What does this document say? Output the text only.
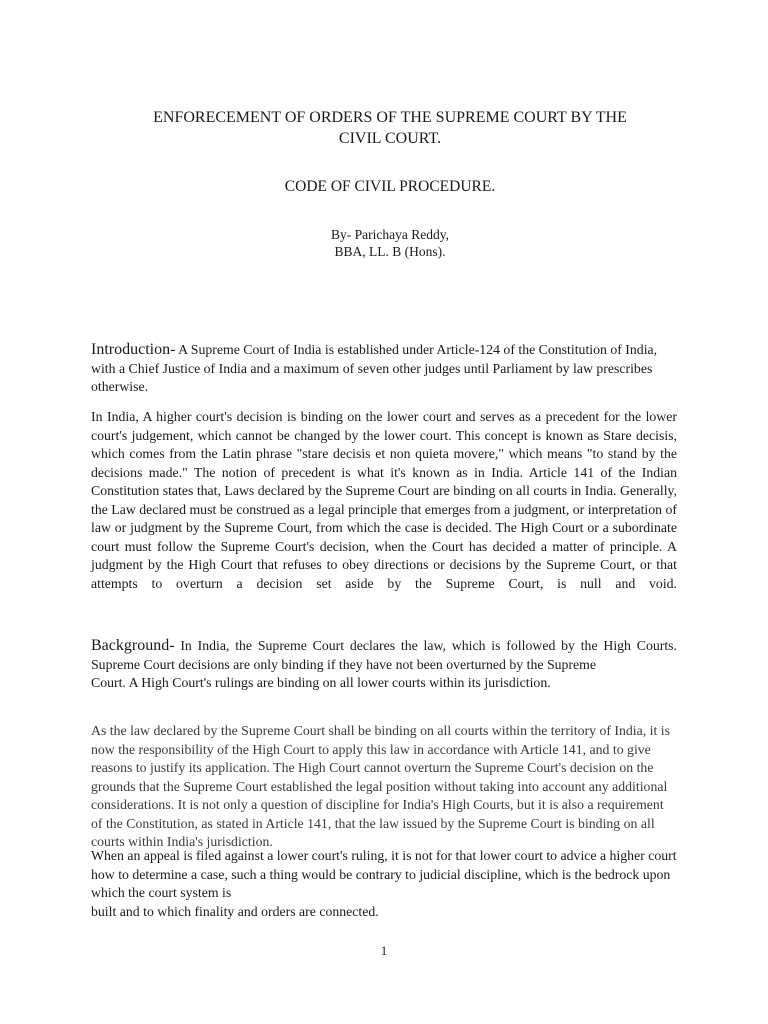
ENFORECEMENT OF ORDERS OF THE SUPREME COURT BY THE
CIVIL COURT.
CODE OF CIVIL PROCEDURE.
By- Parichaya Reddy,
BBA, LL. B (Hons).
Introduction- A Supreme Court of India is established under Article-124 of the Constitution of India, with a Chief Justice of India and a maximum of seven other judges until Parliament by law prescribes otherwise.
In India, A higher court's decision is binding on the lower court and serves as a precedent for the lower court's judgement, which cannot be changed by the lower court. This concept is known as Stare decisis, which comes from the Latin phrase "stare decisis et non quieta movere," which means "to stand by the decisions made." The notion of precedent is what it's known as in India. Article 141 of the Indian Constitution states that, Laws declared by the Supreme Court are binding on all courts in India. Generally, the Law declared must be construed as a legal principle that emerges from a judgment, or interpretation of law or judgment by the Supreme Court, from which the case is decided. The High Court or a subordinate court must follow the Supreme Court's decision, when the Court has decided a matter of principle. A judgment by the High Court that refuses to obey directions or decisions by the Supreme Court, or that attempts to overturn a decision set aside by the Supreme Court, is null and void.
Background- In India, the Supreme Court declares the law, which is followed by the High Courts. Supreme Court decisions are only binding if they have not been overturned by the Supreme
Court. A High Court's rulings are binding on all lower courts within its jurisdiction.
As the law declared by the Supreme Court shall be binding on all courts within the territory of India, it is now the responsibility of the High Court to apply this law in accordance with Article 141, and to give reasons to justify its application. The High Court cannot overturn the Supreme Court's decision on the grounds that the Supreme Court established the legal position without taking into account any additional considerations. It is not only a question of discipline for India's High Courts, but it is also a requirement of the Constitution, as stated in Article 141, that the law issued by the Supreme Court is binding on all courts within India's jurisdiction.
When an appeal is filed against a lower court's ruling, it is not for that lower court to advice a higher court how to determine a case, such a thing would be contrary to judicial discipline, which is the bedrock upon which the court system is
built and to which finality and orders are connected.
1
